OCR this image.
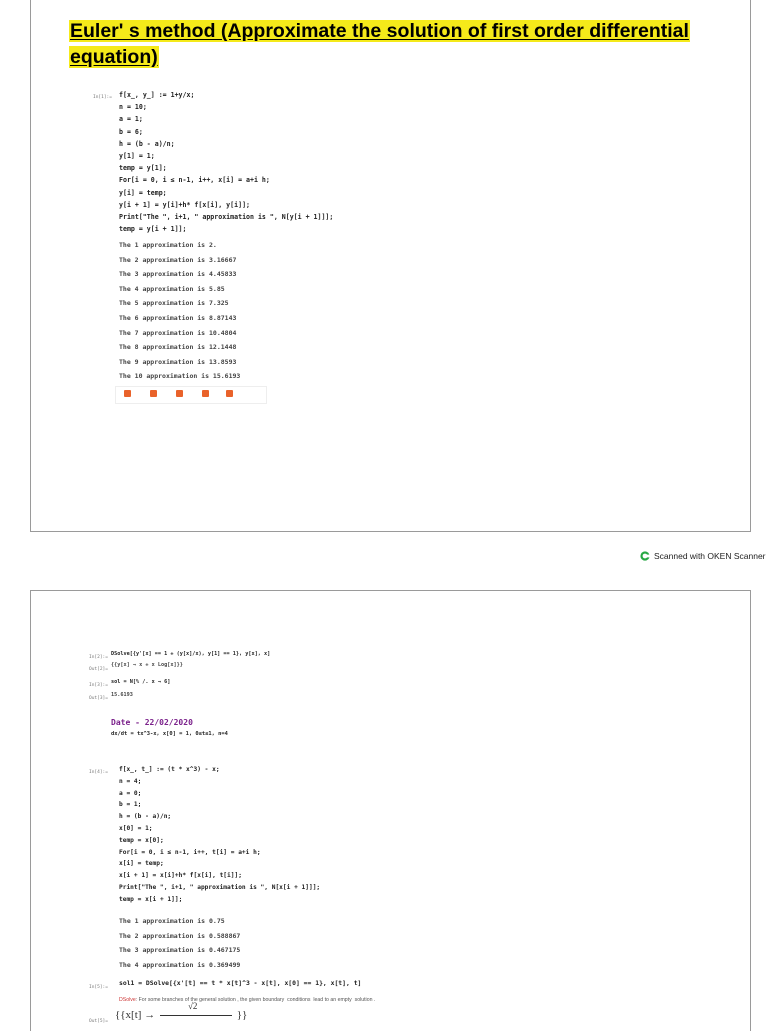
Euler' s method (Approximate the solution of first order differential
equation)
In[1]:= f[x_, y_] := 1+y/x;
n = 10;
a = 1;
b = 6;
h = (b - a)/n;
y[1] = 1;
temp = y[1];
For[i = 0, i ≤ n-1, i++, x[i] = a+i h;
y[i] = temp;
y[i + 1] = y[i]+h* f[x[i], y[i]];
Print["The ", i+1, " approximation is ", N[y[i + 1]]];
temp = y[i + 1]];
The 1 approximation is 2.
The 2 approximation is 3.16667
The 3 approximation is 4.45833
The 4 approximation is 5.85
The 5 approximation is 7.325
The 6 approximation is 8.87143
The 7 approximation is 10.4804
The 8 approximation is 12.1448
The 9 approximation is 13.8593
The 10 approximation is 15.6193
Scanned with OKEN Scanner
In[2]:=
DSolve[{y'[x] == 1 + (y[x]/x), y[1] == 1}, y[x], x]
Out[2]=
{{y[x] → x + x Log[x]}}
In[3]:=
sol = N[% /. x → 6]
Out[3]=
15.6193
Date - 22/02/2020
dx/dt = tx^3-x, x[0] = 1, 0≤t≤1, n=4
In[4]:= f[x_, t_] := (t * x^3) - x;
n = 4;
a = 0;
b = 1;
h = (b - a)/n;
x[0] = 1;
temp = x[0];
For[i = 0, i ≤ n-1, i++, t[i] = a+i h;
x[i] = temp;
x[i + 1] = x[i]+h* f[x[i], t[i]];
Print["The ", i+1, " approximation is ", N[x[i + 1]]];
temp = x[i + 1]];
The 1 approximation is 0.75
The 2 approximation is 0.588867
The 3 approximation is 0.467175
The 4 approximation is 0.369499
In[5]:=
sol1 = DSolve[{x'[t] == t * x[t]^3 - x[t], x[0] == 1}, x[t], t]
DSolve: For some branches of the general solution , the given boundary  conditions  lead to an empty  solution .
Out[5]=
{{x[t] →
√2
}}
